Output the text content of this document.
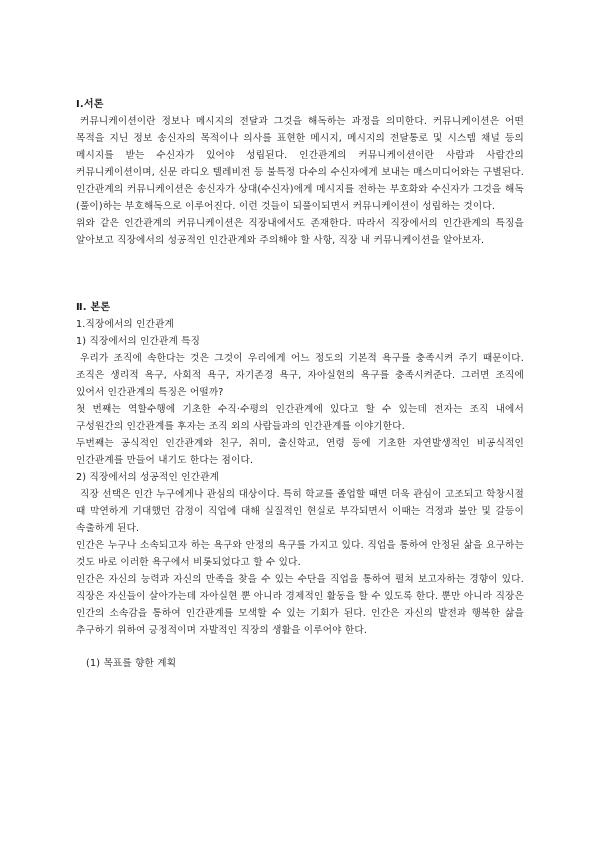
Ⅰ.서론

커뮤니케이션이란 정보나 메시지의 전달과 그것을 해독하는 과정을 의미한다. 커뮤니케이션은 어떤 목적을 지닌 정보 송신자의 목적이나 의사를 표현한 메시지, 메시지의 전달통로 및 시스템 채널 등의 메시지를 받는 수신자가 있어야 성립된다. 인간관계의 커뮤니케이션이란 사람과 사람간의 커뮤니케이션이며, 신문 라디오 텔레비전 등 불특정 다수의 수신자에게 보내는 매스미디어와는 구별된다. 인간관계의 커뮤니케이션은 송신자가 상대(수신자)에게 메시지를 전하는 부호화와 수신자가 그것을 해독(풀이)하는 부호해독으로 이루어진다. 이런 것들이 되풀이되면서 커뮤니케이션이 성립하는 것이다.

위와 같은 인간관계의 커뮤니케이션은 직장내에서도 존재한다. 따라서 직장에서의 인간관계의 특징을 알아보고 직장에서의 성공적인 인간관계와 주의해야 할 사항, 직장 내 커뮤니케이션을 알아보자.

Ⅱ. 본론

1.직장에서의 인간관계

1) 직장에서의 인간관계 특징

우리가 조직에 속한다는 것은 그것이 우리에게 어느 정도의 기본적 욕구를 충족시켜 주기 때문이다. 조직은 생리적 욕구, 사회적 욕구, 자기존경 욕구, 자아실현의 욕구를 충족시켜준다. 그러면 조직에 있어서 인간관계의 특징은 어떨까?

첫 번째는 역할수행에 기초한 수직·수평의 인간관계에 있다고 할 수 있는데 전자는 조직 내에서 구성원간의 인간관계를 후자는 조직 외의 사람들과의 인간관계를 이야기한다.

두번째는 공식적인 인간관계와 친구, 취미, 출신학교, 연령 등에 기초한 자연발생적인 비공식적인 인간관계를 만들어 내기도 한다는 점이다.

2) 직장에서의 성공적인 인간관계

직장 선택은 인간 누구에게나 관심의 대상이다. 특히 학교를 졸업할 때면 더욱 관심이 고조되고 학창시절 때 막연하게 기대했던 감정이 직업에 대해 실질적인 현실로 부각되면서 이때는 걱정과 불안 및 갈등이 속출하게 된다.

인간은 누구나 소속되고자 하는 욕구와 안정의 욕구를 가지고 있다. 직업을 통하여 안정된 삶을 요구하는 것도 바로 이러한 욕구에서 비롯되었다고 할 수 있다.

인간은 자신의 능력과 자신의 만족을 찾을 수 있는 수단을 직업을 통하여 펼쳐 보고자하는 경향이 있다. 직장은 자신들이 살아가는데 자아실현 뿐 아니라 경제적인 활동을 할 수 있도록 한다. 뿐만 아니라 직장은 인간의 소속감을 통하여 인간관계를 모색할 수 있는 기회가 된다. 인간은 자신의 발전과 행복한 삶을 추구하기 위하여 긍정적이며 자발적인 직장의 생활을 이루어야 한다.

(1) 목표를 향한 계획
